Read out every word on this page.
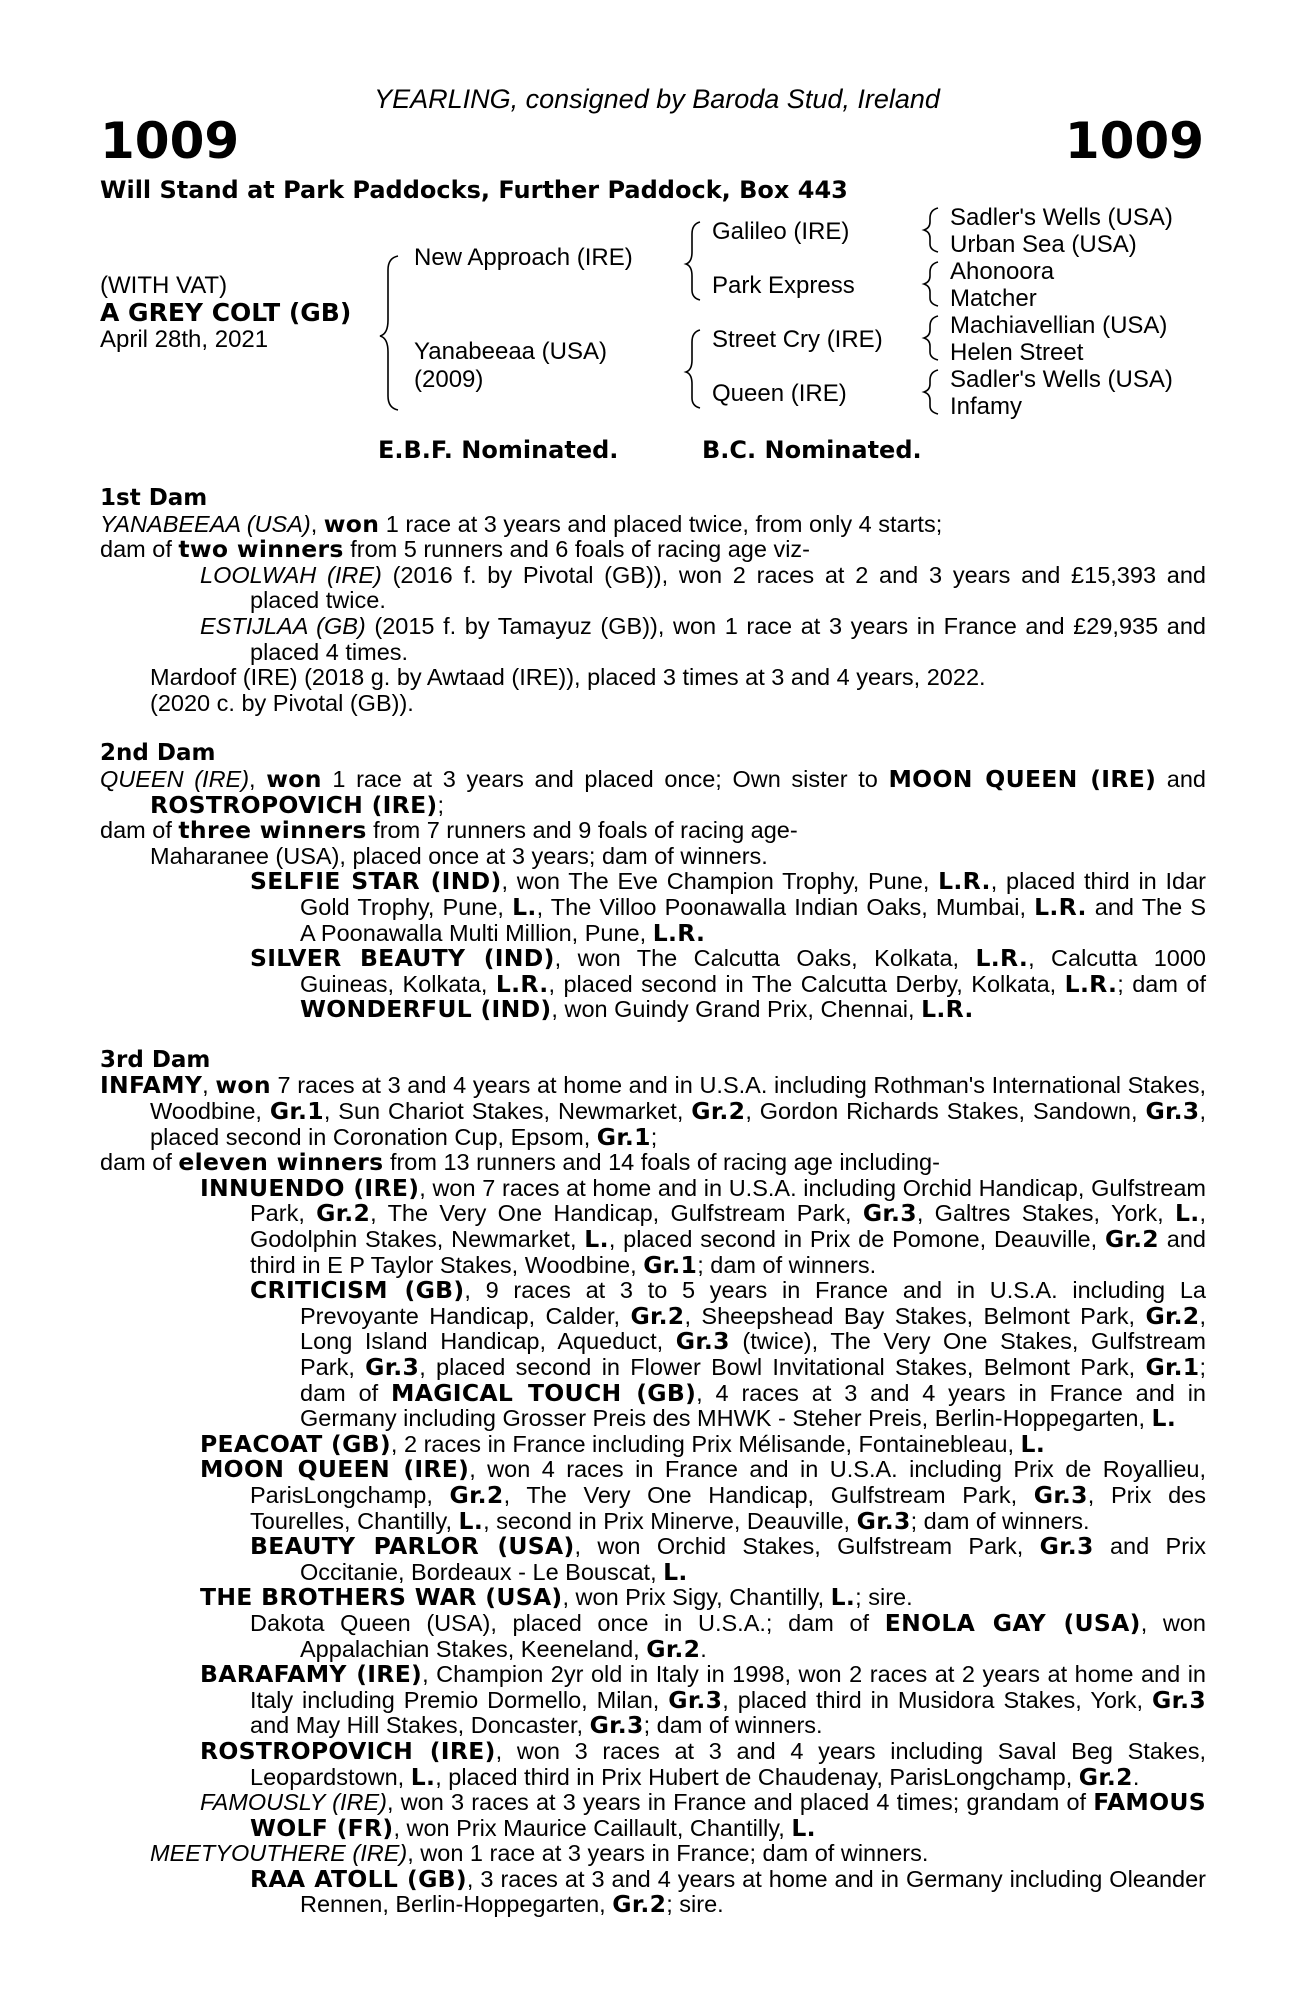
YEARLING, consigned by Baroda Stud, Ireland
1009	1009
Will Stand at Park Paddocks, Further Paddock, Box 443
(WITH VAT)
A GREY COLT (GB)
April 28th, 2021
New Approach (IRE)
Yanabeeaa (USA)
(2009)
Galileo (IRE)
Park Express
Street Cry (IRE)
Queen (IRE)
Sadler's Wells (USA)
Urban Sea (USA)
Ahonoora
Matcher
Machiavellian (USA)
Helen Street
Sadler's Wells (USA)
Infamy
E.B.F. Nominated.	B.C. Nominated.

1st Dam

YANABEEAA (USA), won 1 race at 3 years and placed twice, from only 4 starts;

dam of two winners from 5 runners and 6 foals of racing age viz-

LOOLWAH (IRE) (2016 f. by Pivotal (GB)), won 2 races at 2 and 3 years and £15,393 and placed twice.

ESTIJLAA (GB) (2015 f. by Tamayuz (GB)), won 1 race at 3 years in France and £29,935 and placed 4 times.

Mardoof (IRE) (2018 g. by Awtaad (IRE)), placed 3 times at 3 and 4 years, 2022.

(2020 c. by Pivotal (GB)).

2nd Dam

QUEEN (IRE), won 1 race at 3 years and placed once; Own sister to MOON QUEEN (IRE) and ROSTROPOVICH (IRE);

dam of three winners from 7 runners and 9 foals of racing age-

Maharanee (USA), placed once at 3 years; dam of winners.

SELFIE STAR (IND), won The Eve Champion Trophy, Pune, L.R., placed third in Idar Gold Trophy, Pune, L., The Villoo Poonawalla Indian Oaks, Mumbai, L.R. and The S A Poonawalla Multi Million, Pune, L.R.

SILVER BEAUTY (IND), won The Calcutta Oaks, Kolkata, L.R., Calcutta 1000 Guineas, Kolkata, L.R., placed second in The Calcutta Derby, Kolkata, L.R.; dam of WONDERFUL (IND), won Guindy Grand Prix, Chennai, L.R.

3rd Dam

INFAMY, won 7 races at 3 and 4 years at home and in U.S.A. including Rothman's International Stakes, Woodbine, Gr.1, Sun Chariot Stakes, Newmarket, Gr.2, Gordon Richards Stakes, Sandown, Gr.3, placed second in Coronation Cup, Epsom, Gr.1;

dam of eleven winners from 13 runners and 14 foals of racing age including-

INNUENDO (IRE), won 7 races at home and in U.S.A. including Orchid Handicap, Gulfstream Park, Gr.2, The Very One Handicap, Gulfstream Park, Gr.3, Galtres Stakes, York, L., Godolphin Stakes, Newmarket, L., placed second in Prix de Pomone, Deauville, Gr.2 and third in E P Taylor Stakes, Woodbine, Gr.1; dam of winners.

CRITICISM (GB), 9 races at 3 to 5 years in France and in U.S.A. including La Prevoyante Handicap, Calder, Gr.2, Sheepshead Bay Stakes, Belmont Park, Gr.2, Long Island Handicap, Aqueduct, Gr.3 (twice), The Very One Stakes, Gulfstream Park, Gr.3, placed second in Flower Bowl Invitational Stakes, Belmont Park, Gr.1; dam of MAGICAL TOUCH (GB), 4 races at 3 and 4 years in France and in Germany including Grosser Preis des MHWK - Steher Preis, Berlin-Hoppegarten, L.

PEACOAT (GB), 2 races in France including Prix Mélisande, Fontainebleau, L.

MOON QUEEN (IRE), won 4 races in France and in U.S.A. including Prix de Royallieu, ParisLongchamp, Gr.2, The Very One Handicap, Gulfstream Park, Gr.3, Prix des Tourelles, Chantilly, L., second in Prix Minerve, Deauville, Gr.3; dam of winners.

BEAUTY PARLOR (USA), won Orchid Stakes, Gulfstream Park, Gr.3 and Prix Occitanie, Bordeaux - Le Bouscat, L.

THE BROTHERS WAR (USA), won Prix Sigy, Chantilly, L.; sire.

Dakota Queen (USA), placed once in U.S.A.; dam of ENOLA GAY (USA), won Appalachian Stakes, Keeneland, Gr.2.

BARAFAMY (IRE), Champion 2yr old in Italy in 1998, won 2 races at 2 years at home and in Italy including Premio Dormello, Milan, Gr.3, placed third in Musidora Stakes, York, Gr.3 and May Hill Stakes, Doncaster, Gr.3; dam of winners.

ROSTROPOVICH (IRE), won 3 races at 3 and 4 years including Saval Beg Stakes, Leopardstown, L., placed third in Prix Hubert de Chaudenay, ParisLongchamp, Gr.2.

FAMOUSLY (IRE), won 3 races at 3 years in France and placed 4 times; grandam of FAMOUS WOLF (FR), won Prix Maurice Caillault, Chantilly, L.

MEETYOUTHERE (IRE), won 1 race at 3 years in France; dam of winners.

RAA ATOLL (GB), 3 races at 3 and 4 years at home and in Germany including Oleander Rennen, Berlin-Hoppegarten, Gr.2; sire.
